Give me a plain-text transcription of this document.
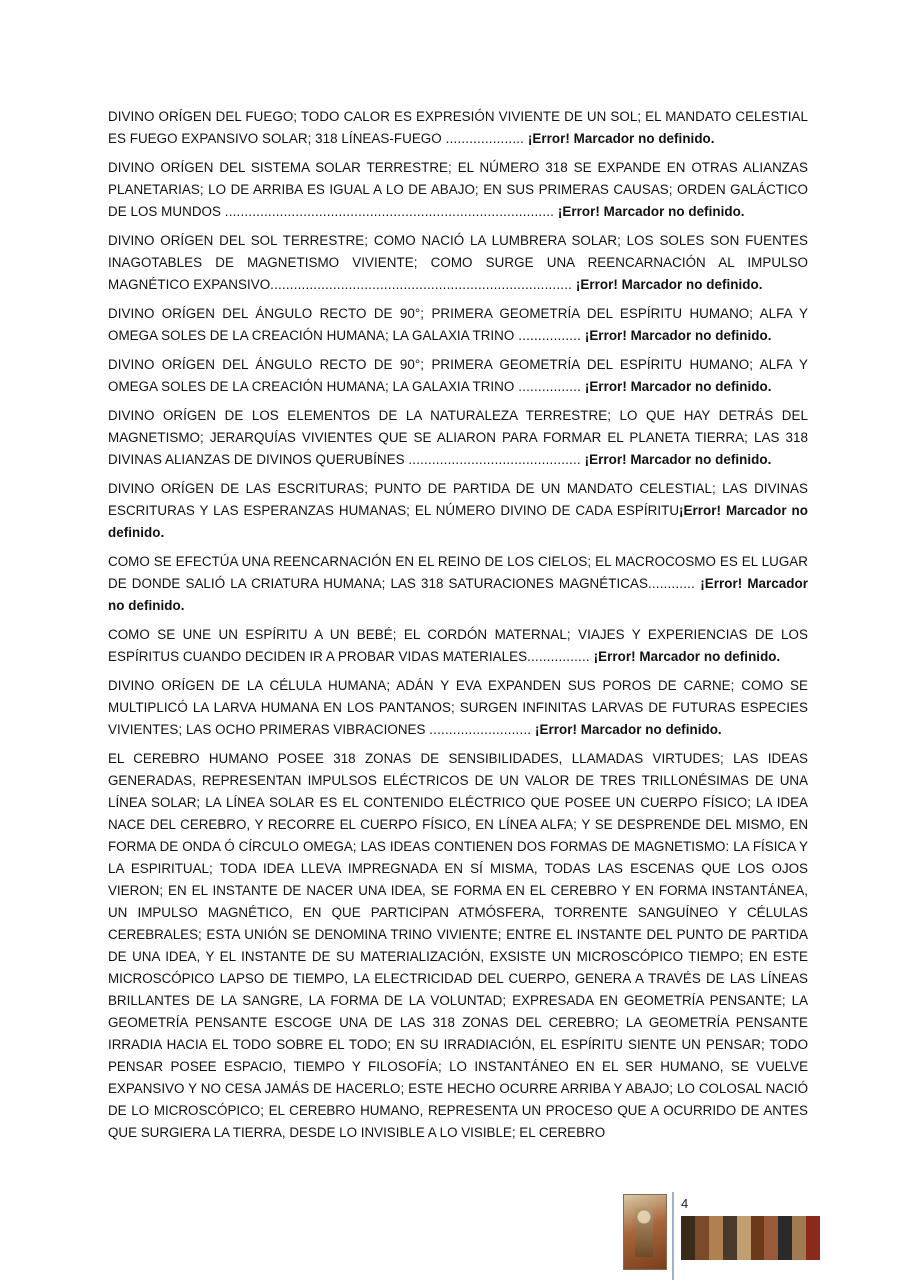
DIVINO ORÍGEN DEL FUEGO; TODO CALOR ES EXPRESIÓN VIVIENTE DE UN SOL; EL MANDATO CELESTIAL ES FUEGO EXPANSIVO SOLAR; 318 LÍNEAS-FUEGO .................... ¡Error! Marcador no definido.

DIVINO ORÍGEN DEL SISTEMA SOLAR TERRESTRE; EL NÚMERO 318 SE EXPANDE EN OTRAS ALIANZAS PLANETARIAS; LO DE ARRIBA ES IGUAL A LO DE ABAJO; EN SUS PRIMERAS CAUSAS; ORDEN GALÁCTICO DE LOS MUNDOS .................................................................................... ¡Error! Marcador no definido.

DIVINO ORÍGEN DEL SOL TERRESTRE; COMO NACIÓ LA LUMBRERA SOLAR; LOS SOLES SON FUENTES INAGOTABLES DE MAGNETISMO VIVIENTE; COMO SURGE UNA REENCARNACIÓN AL IMPULSO MAGNÉTICO EXPANSIVO............................................................................. ¡Error! Marcador no definido.

DIVINO ORÍGEN DEL ÁNGULO RECTO DE 90°; PRIMERA GEOMETRÍA DEL ESPÍRITU HUMANO; ALFA Y OMEGA SOLES DE LA CREACIÓN HUMANA; LA GALAXIA TRINO ................ ¡Error! Marcador no definido.

DIVINO ORÍGEN DEL ÁNGULO RECTO DE 90°; PRIMERA GEOMETRÍA DEL ESPÍRITU HUMANO; ALFA Y OMEGA SOLES DE LA CREACIÓN HUMANA; LA GALAXIA TRINO ................ ¡Error! Marcador no definido.

DIVINO ORÍGEN DE LOS ELEMENTOS DE LA NATURALEZA TERRESTRE; LO QUE HAY DETRÁS DEL MAGNETISMO; JERARQUÍAS VIVIENTES QUE SE ALIARON PARA FORMAR EL PLANETA TIERRA; LAS 318 DIVINAS ALIANZAS DE DIVINOS QUERUBÍNES ............................................ ¡Error! Marcador no definido.

DIVINO ORÍGEN DE LAS ESCRITURAS; PUNTO DE PARTIDA DE UN MANDATO CELESTIAL; LAS DIVINAS ESCRITURAS Y LAS ESPERANZAS HUMANAS; EL NÚMERO DIVINO DE CADA ESPÍRITU¡Error! Marcador no definido.

COMO SE EFECTÚA UNA REENCARNACIÓN EN EL REINO DE LOS CIELOS; EL MACROCOSMO ES EL LUGAR DE DONDE SALIÓ LA CRIATURA HUMANA; LAS 318 SATURACIONES MAGNÉTICAS............ ¡Error! Marcador no definido.

COMO SE UNE UN ESPÍRITU A UN BEBÉ; EL CORDÓN MATERNAL; VIAJES Y EXPERIENCIAS DE LOS ESPÍRITUS CUANDO DECIDEN IR A PROBAR VIDAS MATERIALES................ ¡Error! Marcador no definido.

DIVINO ORÍGEN DE LA CÉLULA HUMANA; ADÁN Y EVA EXPANDEN SUS POROS DE CARNE; COMO SE MULTIPLICÓ LA LARVA HUMANA EN LOS PANTANOS; SURGEN INFINITAS LARVAS DE FUTURAS ESPECIES VIVIENTES; LAS OCHO PRIMERAS VIBRACIONES .......................... ¡Error! Marcador no definido.

EL CEREBRO HUMANO POSEE 318 ZONAS DE SENSIBILIDADES, LLAMADAS VIRTUDES; LAS IDEAS GENERADAS, REPRESENTAN IMPULSOS ELÉCTRICOS DE UN VALOR DE TRES TRILLONÉSIMAS DE UNA LÍNEA SOLAR; LA LÍNEA SOLAR ES EL CONTENIDO ELÉCTRICO QUE POSEE UN CUERPO FÍSICO; LA IDEA NACE DEL CEREBRO, Y RECORRE EL CUERPO FÍSICO, EN LÍNEA ALFA; Y SE DESPRENDE DEL MISMO, EN FORMA DE ONDA Ó CÍRCULO OMEGA; LAS IDEAS CONTIENEN DOS FORMAS DE MAGNETISMO: LA FÍSICA Y LA ESPIRITUAL; TODA IDEA LLEVA IMPREGNADA EN SÍ MISMA, TODAS LAS ESCENAS QUE LOS OJOS VIERON; EN EL INSTANTE DE NACER UNA IDEA, SE FORMA EN EL CEREBRO Y EN FORMA INSTANTÁNEA, UN IMPULSO MAGNÉTICO, EN QUE PARTICIPAN ATMÓSFERA, TORRENTE SANGUÍNEO Y CÉLULAS CEREBRALES; ESTA UNIÓN SE DENOMINA TRINO VIVIENTE; ENTRE EL INSTANTE DEL PUNTO DE PARTIDA DE UNA IDEA, Y EL INSTANTE DE SU MATERIALIZACIÓN, EXSISTE UN MICROSCÓPICO TIEMPO; EN ESTE MICROSCÓPICO LAPSO DE TIEMPO, LA ELECTRICIDAD DEL CUERPO, GENERA A TRAVÉS DE LAS LÍNEAS BRILLANTES DE LA SANGRE, LA FORMA DE LA VOLUNTAD; EXPRESADA EN GEOMETRÍA PENSANTE; LA GEOMETRÍA PENSANTE ESCOGE UNA DE LAS 318 ZONAS DEL CEREBRO; LA GEOMETRÍA PENSANTE IRRADIA HACIA EL TODO SOBRE EL TODO; EN SU IRRADIACIÓN, EL ESPÍRITU SIENTE UN PENSAR; TODO PENSAR POSEE ESPACIO, TIEMPO Y FILOSOFÍA; LO INSTANTÁNEO EN EL SER HUMANO, SE VUELVE EXPANSIVO Y NO CESA JAMÁS DE HACERLO; ESTE HECHO OCURRE ARRIBA Y ABAJO; LO COLOSAL NACIÓ DE LO MICROSCÓPICO; EL CEREBRO HUMANO, REPRESENTA UN PROCESO QUE A OCURRIDO DE ANTES QUE SURGIERA LA TIERRA, DESDE LO INVISIBLE A LO VISIBLE; EL CEREBRO

4
